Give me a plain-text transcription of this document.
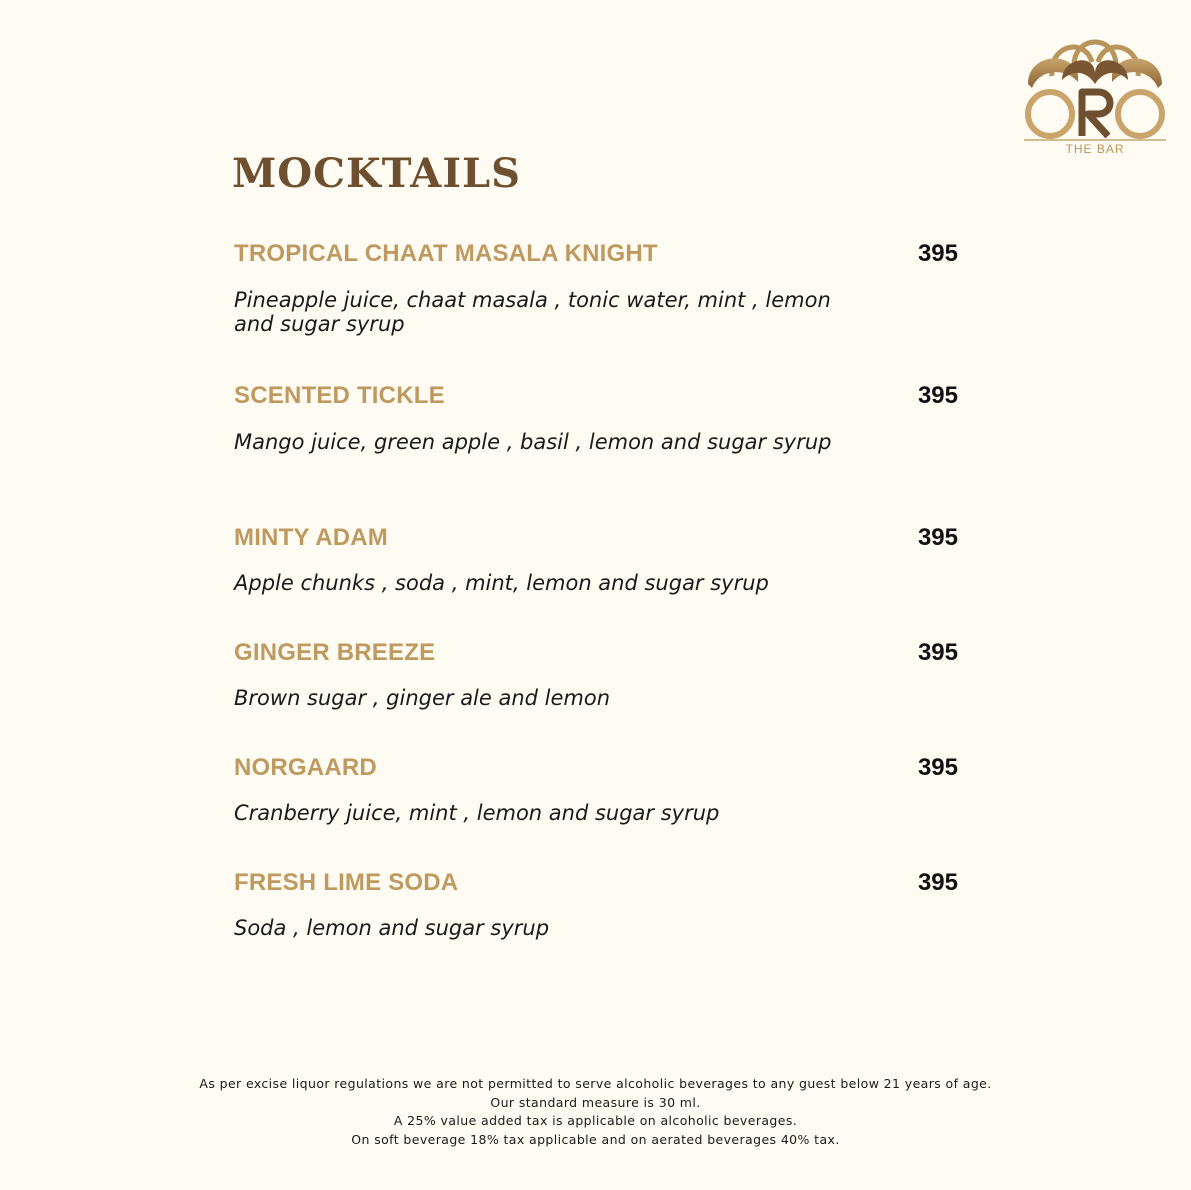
THE BAR
MOCKTAILS
TROPICAL CHAAT MASALA KNIGHT	395
Pineapple juice, chaat masala , tonic water, mint , lemon
and sugar syrup
SCENTED TICKLE	395
Mango juice, green apple , basil , lemon and sugar syrup
MINTY ADAM	395
Apple chunks , soda , mint, lemon and sugar syrup
GINGER BREEZE	395
Brown sugar , ginger ale and lemon
NORGAARD	395
Cranberry juice, mint , lemon and sugar syrup
FRESH LIME SODA	395
Soda , lemon and sugar syrup
As per excise liquor regulations we are not permitted to serve alcoholic beverages to any guest below 21 years of age.
Our standard measure is 30 ml.
A 25% value added tax is applicable on alcoholic beverages.
On soft beverage 18% tax applicable and on aerated beverages 40% tax.
